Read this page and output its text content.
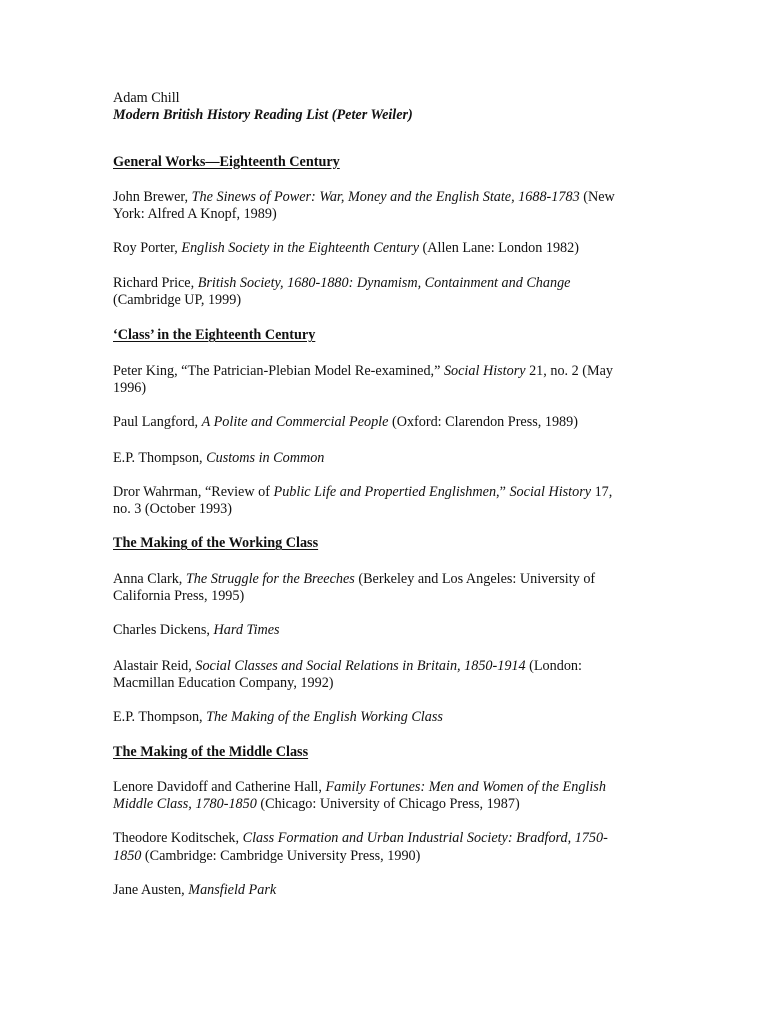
Adam Chill
Modern British History Reading List (Peter Weiler)
General Works—Eighteenth Century
John Brewer, The Sinews of Power: War, Money and the English State, 1688-1783 (New
York: Alfred A Knopf, 1989)
Roy Porter, English Society in the Eighteenth Century (Allen Lane: London 1982)
Richard Price, British Society, 1680-1880: Dynamism, Containment and Change
(Cambridge UP, 1999)
‘Class’ in the Eighteenth Century
Peter King, “The Patrician-Plebian Model Re-examined,” Social History 21, no. 2 (May
1996)
Paul Langford, A Polite and Commercial People (Oxford: Clarendon Press, 1989)
E.P. Thompson, Customs in Common
Dror Wahrman, “Review of Public Life and Propertied Englishmen,” Social History 17,
no. 3 (October 1993)
The Making of the Working Class
Anna Clark, The Struggle for the Breeches (Berkeley and Los Angeles: University of
California Press, 1995)
Charles Dickens, Hard Times
Alastair Reid, Social Classes and Social Relations in Britain, 1850-1914 (London:
Macmillan Education Company, 1992)
E.P. Thompson, The Making of the English Working Class
The Making of the Middle Class
Lenore Davidoff and Catherine Hall, Family Fortunes: Men and Women of the English
Middle Class, 1780-1850 (Chicago: University of Chicago Press, 1987)
Theodore Koditschek, Class Formation and Urban Industrial Society: Bradford, 1750-
1850 (Cambridge: Cambridge University Press, 1990)
Jane Austen, Mansfield Park
